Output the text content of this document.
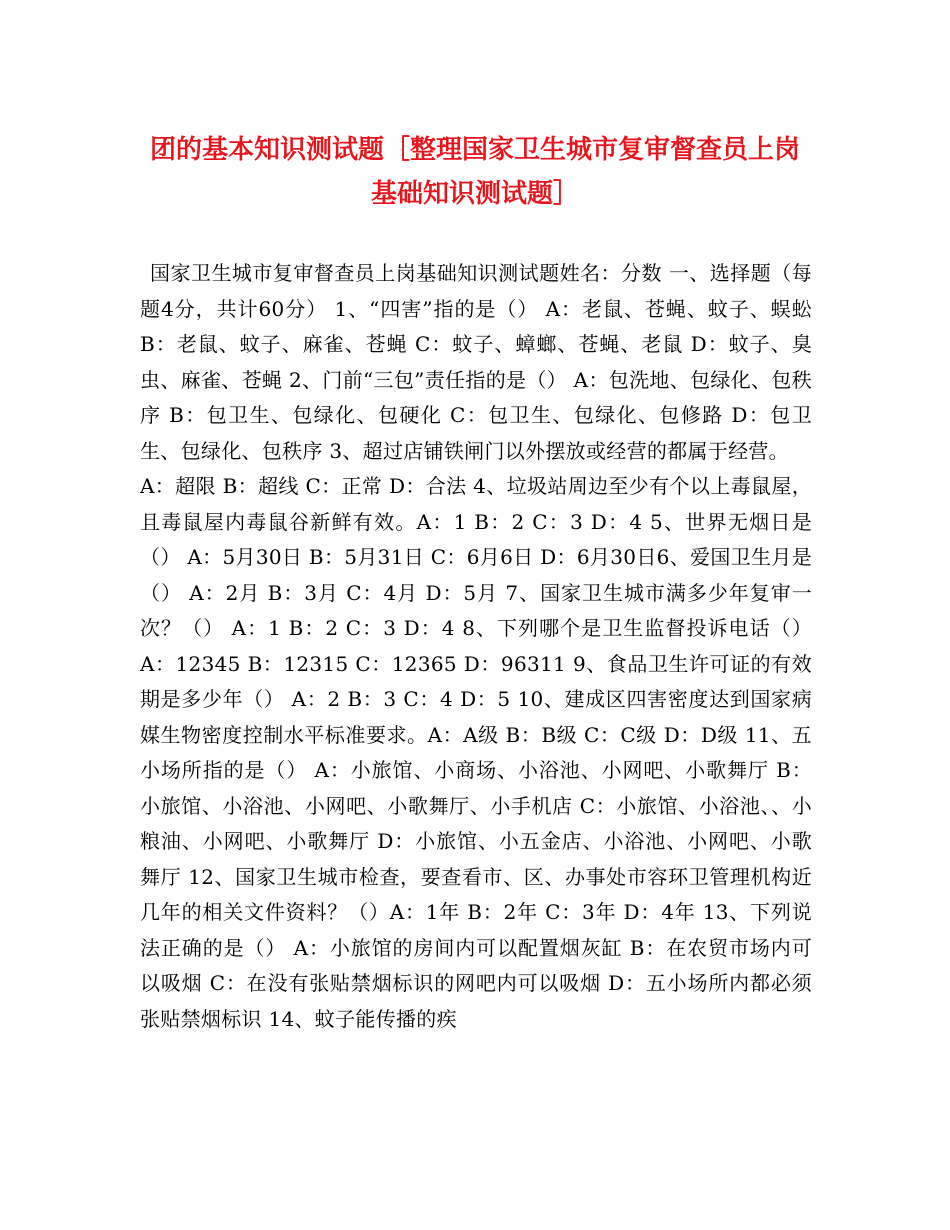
团的基本知识测试题［整理国家卫生城市复审督查员上岗基础知识测试题］

国家卫生城市复审督查员上岗基础知识测试题姓名：分数 一、选择题（每题4分，共计60分） 1、“四害”指的是（） A：老鼠、苍蝇、蚊子、蜈蚣 B：老鼠、蚊子、麻雀、苍蝇 C：蚊子、蟑螂、苍蝇、老鼠 D：蚊子、臭虫、麻雀、苍蝇 2、门前“三包”责任指的是（） A：包洗地、包绿化、包秩序 B：包卫生、包绿化、包硬化 C：包卫生、包绿化、包修路 D：包卫生、包绿化、包秩序 3、超过店铺铁闸门以外摆放或经营的都属于经营。

A：超限 B：超线 C：正常 D：合法 4、垃圾站周边至少有个以上毒鼠屋，且毒鼠屋内毒鼠谷新鲜有效。A：1 B：2 C：3 D：4 5、世界无烟日是（） A：5月30日 B：5月31日 C：6月6日 D：6月30日6、爱国卫生月是（） A：2月 B：3月 C：4月 D：5月 7、国家卫生城市满多少年复审一次？（） A：1 B：2 C：3 D：4 8、下列哪个是卫生监督投诉电话（） A：12345 B：12315 C：12365 D：96311 9、食品卫生许可证的有效期是多少年（） A：2 B：3 C：4 D：5 10、建成区四害密度达到国家病媒生物密度控制水平标准要求。A：A级 B：B级 C：C级 D：D级 11、五小场所指的是（） A：小旅馆、小商场、小浴池、小网吧、小歌舞厅 B：小旅馆、小浴池、小网吧、小歌舞厅、小手机店 C：小旅馆、小浴池、、小粮油、小网吧、小歌舞厅 D：小旅馆、小五金店、小浴池、小网吧、小歌舞厅 12、国家卫生城市检查，要查看市、区、办事处市容环卫管理机构近几年的相关文件资料？（）A：1年 B：2年 C：3年 D：4年 13、下列说法正确的是（） A：小旅馆的房间内可以配置烟灰缸 B：在农贸市场内可以吸烟 C：在没有张贴禁烟标识的网吧内可以吸烟 D：五小场所内都必须张贴禁烟标识 14、蚊子能传播的疾
